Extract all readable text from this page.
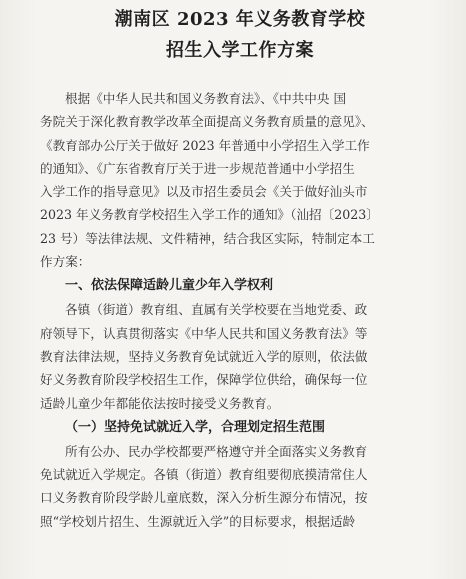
潮南区 2023 年义务教育学校
招生入学工作方案

根据《中华人民共和国义务教育法》、《中共中央 国
务院关于深化教育教学改革全面提高义务教育质量的意见》、
《教育部办公厅关于做好 2023 年普通中小学招生入学工作
的通知》、《广东省教育厅关于进一步规范普通中小学招生
入学工作的指导意见》以及市招生委员会《关于做好汕头市
2023 年义务教育学校招生入学工作的通知》（汕招〔2023〕
23 号）等法律法规、文件精神，结合我区实际，特制定本工
作方案：

一、依法保障适龄儿童少年入学权利

各镇（街道）教育组、直属有关学校要在当地党委、政
府领导下，认真贯彻落实《中华人民共和国义务教育法》等
教育法律法规，坚持义务教育免试就近入学的原则，依法做
好义务教育阶段学校招生工作，保障学位供给，确保每一位
适龄儿童少年都能依法按时接受义务教育。

（一）坚持免试就近入学，合理划定招生范围

所有公办、民办学校都要严格遵守并全面落实义务教育
免试就近入学规定。各镇（街道）教育组要彻底摸清常住人
口义务教育阶段学龄儿童底数，深入分析生源分布情况，按
照“学校划片招生、生源就近入学”的目标要求，根据适龄
